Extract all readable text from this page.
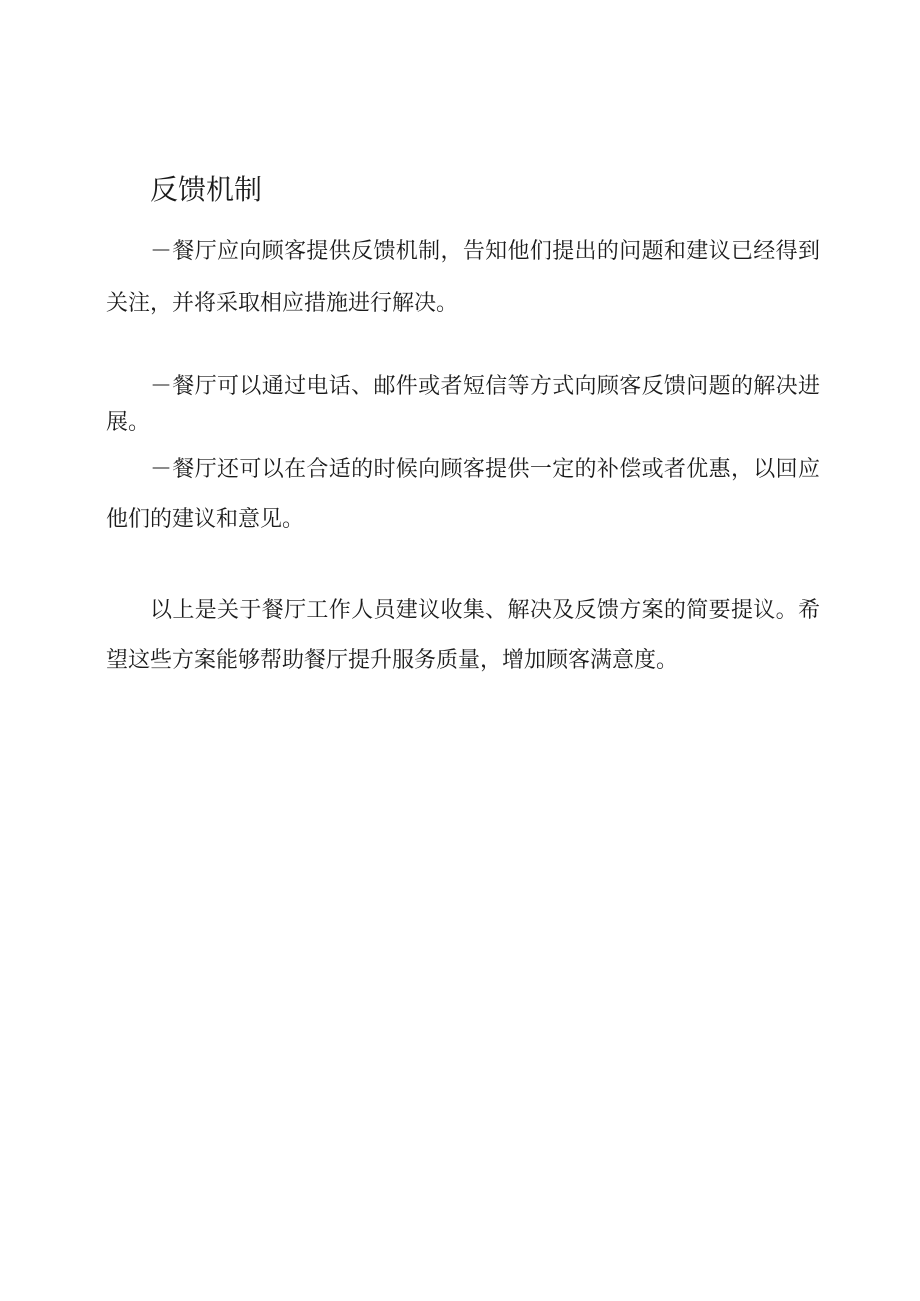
反馈机制

－餐厅应向顾客提供反馈机制，告知他们提出的问题和建议已经得到关注，并将采取相应措施进行解决。

－餐厅可以通过电话、邮件或者短信等方式向顾客反馈问题的解决进展。

－餐厅还可以在合适的时候向顾客提供一定的补偿或者优惠，以回应他们的建议和意见。

以上是关于餐厅工作人员建议收集、解决及反馈方案的简要提议。希望这些方案能够帮助餐厅提升服务质量，增加顾客满意度。
